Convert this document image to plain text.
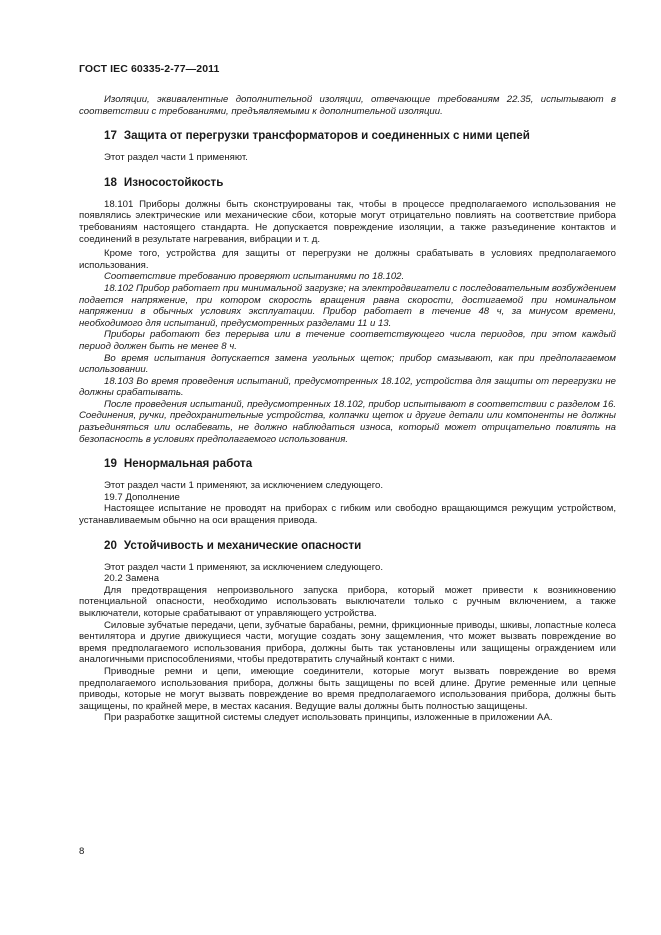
ГОСТ IEC 60335-2-77—2011

Изоляции, эквивалентные дополнительной изоляции, отвечающие требованиям 22.35, испытывают в соответствии с требованиями, предъявляемыми к дополнительной изоляции.

17 Защита от перегрузки трансформаторов и соединенных с ними цепей

Этот раздел части 1 применяют.

18 Износостойкость

18.101 Приборы должны быть сконструированы так, чтобы в процессе предполагаемого использования не появлялись электрические или механические сбои, которые могут отрицательно повлиять на соответствие прибора требованиям настоящего стандарта. Не допускается повреждение изоляции, а также разъединение контактов и соединений в результате нагревания, вибрации и т. д.

Кроме того, устройства для защиты от перегрузки не должны срабатывать в условиях предполагаемого использования.

Соответствие требованию проверяют испытаниями по 18.102.

18.102 Прибор работает при минимальной загрузке; на электродвигатели с последовательным возбуждением подается напряжение, при котором скорость вращения равна скорости, достигаемой при номинальном напряжении в обычных условиях эксплуатации. Прибор работает в течение 48 ч, за минусом времени, необходимого для испытаний, предусмотренных разделами 11 и 13.

Приборы работают без перерыва или в течение соответствующего числа периодов, при этом каждый период должен быть не менее 8 ч.

Во время испытания допускается замена угольных щеток; прибор смазывают, как при предполагаемом использовании.

18.103 Во время проведения испытаний, предусмотренных 18.102, устройства для защиты от перегрузки не должны срабатывать.

После проведения испытаний, предусмотренных 18.102, прибор испытывают в соответствии с разделом 16. Соединения, ручки, предохранительные устройства, колпачки щеток и другие детали или компоненты не должны разъединяться или ослабевать, не должно наблюдаться износа, который может отрицательно повлиять на безопасность в условиях предполагаемого использования.

19 Ненормальная работа

Этот раздел части 1 применяют, за исключением следующего.

19.7 Дополнение

Настоящее испытание не проводят на приборах с гибким или свободно вращающимся режущим устройством, устанавливаемым обычно на оси вращения привода.

20 Устойчивость и механические опасности

Этот раздел части 1 применяют, за исключением следующего.

20.2 Замена

Для предотвращения непроизвольного запуска прибора, который может привести к возникновению потенциальной опасности, необходимо использовать выключатели только с ручным включением, а также выключатели, которые срабатывают от управляющего устройства.

Силовые зубчатые передачи, цепи, зубчатые барабаны, ремни, фрикционные приводы, шкивы, лопастные колеса вентилятора и другие движущиеся части, могущие создать зону защемления, что может вызвать повреждение во время предполагаемого использования прибора, должны быть так установлены или защищены ограждением или аналогичными приспособлениями, чтобы предотвратить случайный контакт с ними.

Приводные ремни и цепи, имеющие соединители, которые могут вызвать повреждение во время предполагаемого использования прибора, должны быть защищены по всей длине. Другие ременные или цепные приводы, которые не могут вызвать повреждение во время предполагаемого использования прибора, должны быть защищены, по крайней мере, в местах касания. Ведущие валы должны быть полностью защищены.

При разработке защитной системы следует использовать принципы, изложенные в приложении АА.

8
